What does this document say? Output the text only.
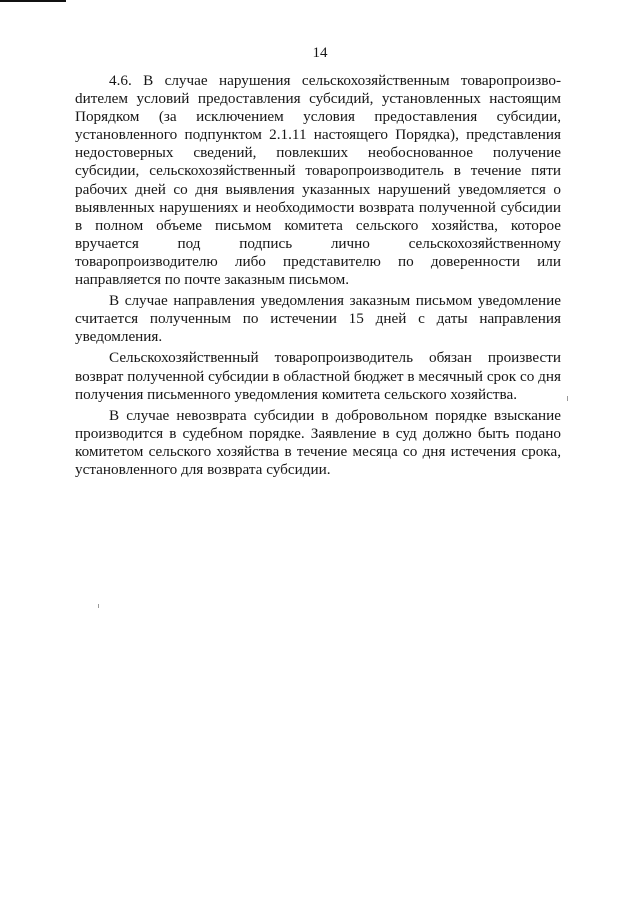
14

4.6. В случае нарушения сельскохозяйственным товаропроизвоdителем условий предоставления субсидий, установленных настоящим Порядком (за исключением условия предоставления субсидии, установленного подпунктом 2.1.11 настоящего Порядка), представления недостоверных сведений, повлекших необоснованное получение субсидии, сельскохозяйственный товаропроизводитель в течение пяти рабочих дней со дня выявления указанных нарушений уведомляется о выявленных нарушениях и необходимости возврата полученной субсидии в полном объеме письмом комитета сельского хозяйства, которое вручается под подпись лично сельскохозяйственному товаропроизводителю либо представителю по доверенности или направляется по почте заказным письмом.

В случае направления уведомления заказным письмом уведомление считается полученным по истечении 15 дней с даты направления уведомления.

Сельскохозяйственный товаропроизводитель обязан произвести возврат полученной субсидии в областной бюджет в месячный срок со дня получения письменного уведомления комитета сельского хозяйства.

В случае невозврата субсидии в добровольном порядке взыскание производится в судебном порядке. Заявление в суд должно быть подано комитетом сельского хозяйства в течение месяца со дня истечения срока, установленного для возврата субсидии.
